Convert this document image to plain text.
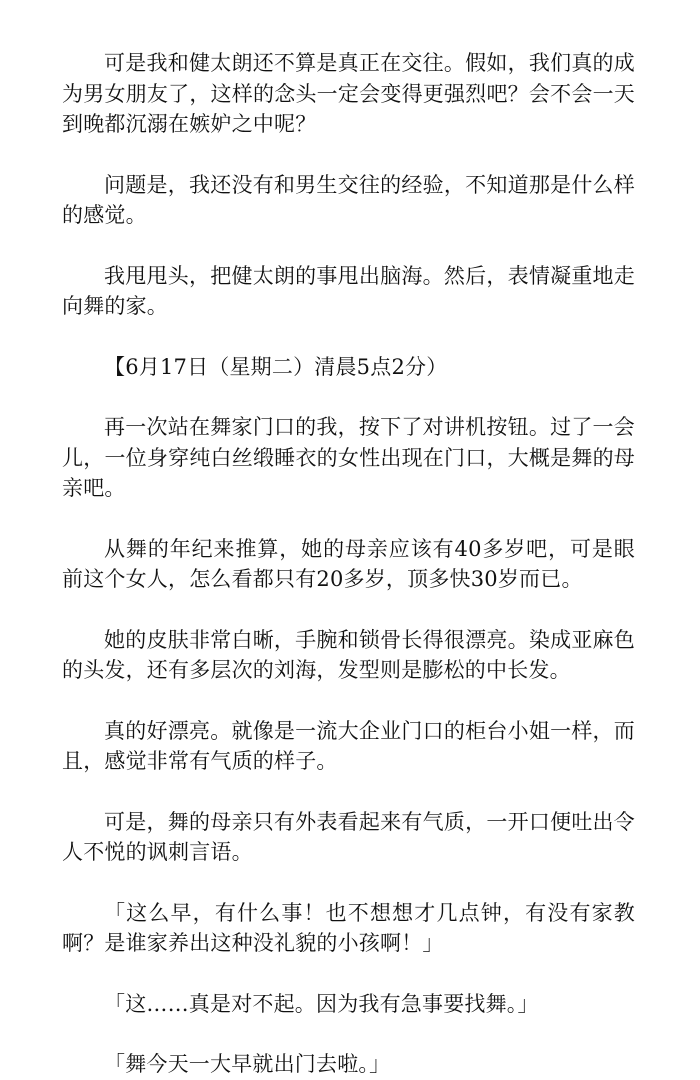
可是我和健太朗还不算是真正在交往。假如，我们真的成为男女朋友了，这样的念头一定会变得更强烈吧？会不会一天到晚都沉溺在嫉妒之中呢？

问题是，我还没有和男生交往的经验，不知道那是什么样的感觉。

我甩甩头，把健太朗的事甩出脑海。然后，表情凝重地走向舞的家。

【6月17日（星期二）清晨5点2分）

再一次站在舞家门口的我，按下了对讲机按钮。过了一会儿，一位身穿纯白丝缎睡衣的女性出现在门口，大概是舞的母亲吧。

从舞的年纪来推算，她的母亲应该有40多岁吧，可是眼前这个女人，怎么看都只有20多岁，顶多快30岁而已。

她的皮肤非常白晰，手腕和锁骨长得很漂亮。染成亚麻色的头发，还有多层次的刘海，发型则是膨松的中长发。

真的好漂亮。就像是一流大企业门口的柜台小姐一样，而且，感觉非常有气质的样子。

可是，舞的母亲只有外表看起来有气质，一开口便吐出令人不悦的讽刺言语。

「这么早，有什么事！也不想想才几点钟，有没有家教啊？是谁家养出这种没礼貌的小孩啊！」

「这……真是对不起。因为我有急事要找舞。」

「舞今天一大早就出门去啦。」
